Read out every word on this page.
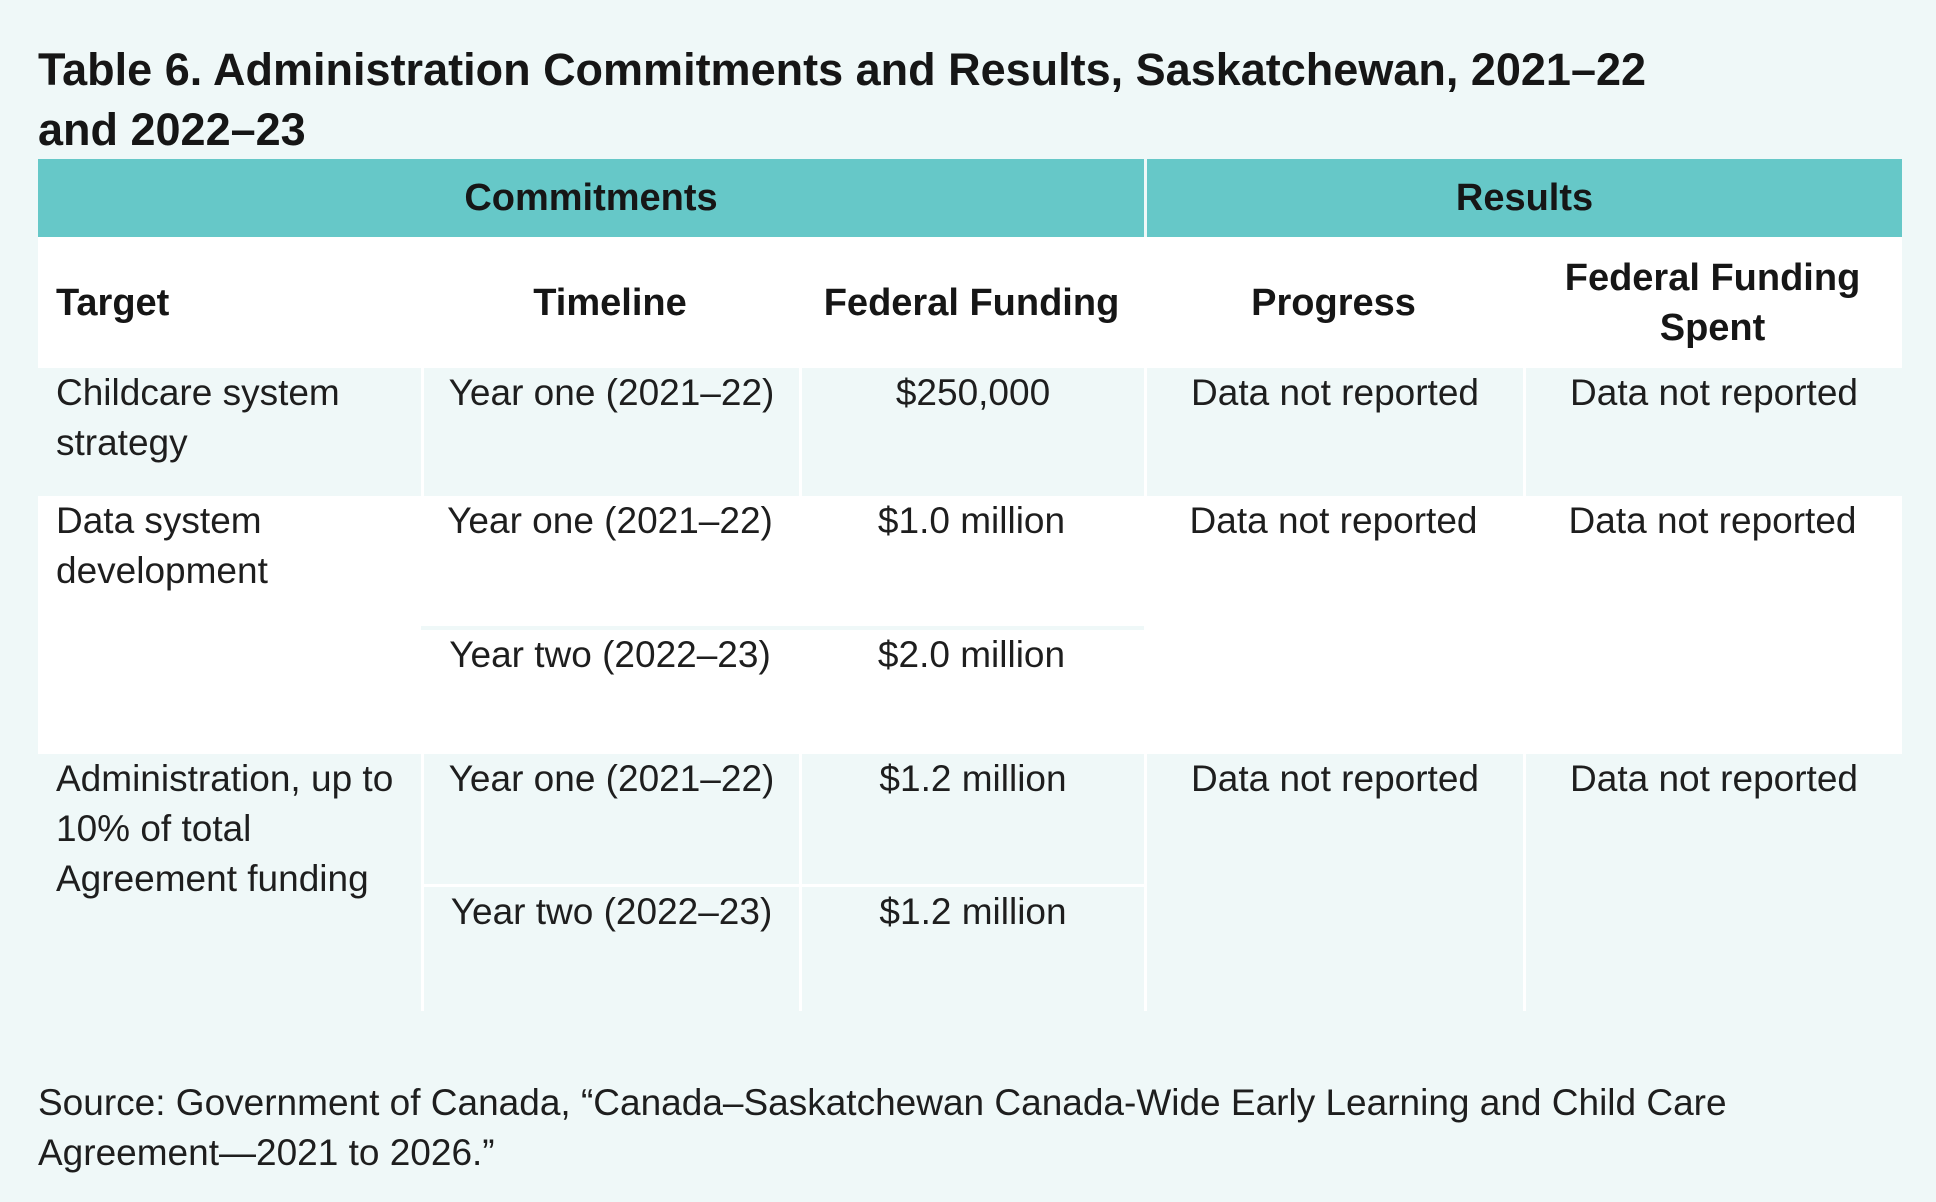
Table 6. Administration Commitments and Results, Saskatchewan, 2021–22 and 2022–23
Commitments			Results	
Target	Timeline	Federal Funding	Progress	Federal Funding Spent
Childcare system strategy	Year one (2021–22)	$250,000	Data not reported	Data not reported
Data system development	Year one (2021–22)	$1.0 million	Data not reported	Data not reported
	Year two (2022–23)	$2.0 million		
Administration, up to 10% of total Agreement funding	Year one (2021–22)	$1.2 million	Data not reported	Data not reported
	Year two (2022–23)	$1.2 million		
Source: Government of Canada, “Canada–Saskatchewan Canada-Wide Early Learning and Child Care Agreement—2021 to 2026.”
